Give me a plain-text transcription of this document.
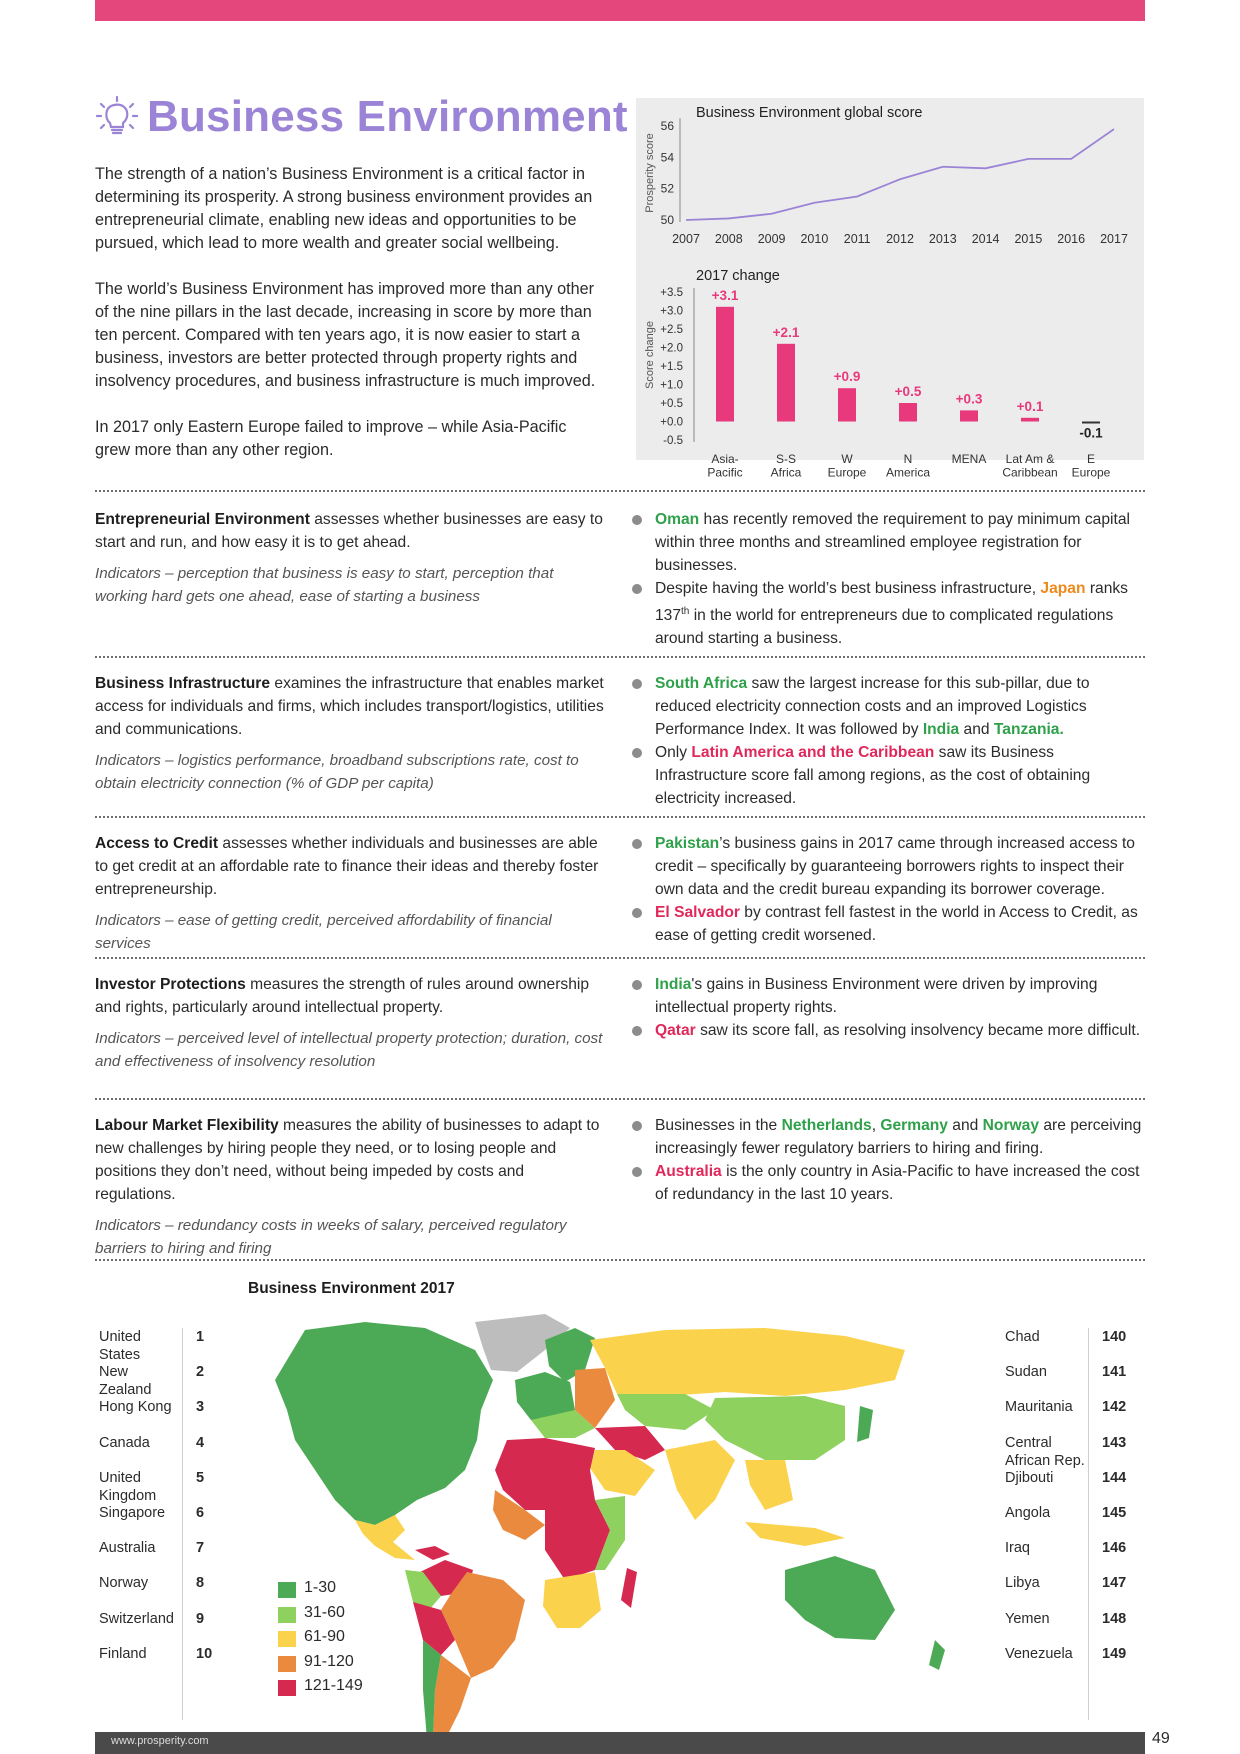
Business Environment

The strength of a nation’s Business Environment is a critical factor in determining its prosperity. A strong business environment provides an entrepreneurial climate, enabling new ideas and opportunities to be pursued, which lead to more wealth and greater social wellbeing.

The world’s Business Environment has improved more than any other of the nine pillars in the last decade, increasing in score by more than ten percent. Compared with ten years ago, it is now easier to start a business, investors are better protected through property rights and insolvency procedures, and business infrastructure is much improved.

In 2017 only Eastern Europe failed to improve – while Asia-Pacific grew more than any other region.

Business Environment global score
Prosperity score
50
52
54
56
2007 2008 2009 2010 2011 2012 2013 2014 2015 2016 2017
2017 change
Score change
+3.5
+3.0
+2.5
+2.0
+1.5
+1.0
+0.5
+0.0
-0.5
+3.1
Asia-
Pacific
+2.1
S-S
Africa
+0.9
W
Europe
+0.5
N
America
+0.3
MENA
+0.1
Lat Am &
Caribbean
-0.1
E
Europe

Entrepreneurial Environment assesses whether businesses are easy to start and run, and how easy it is to get ahead.

Indicators – perception that business is easy to start, perception that working hard gets one ahead, ease of starting a business

Oman has recently removed the requirement to pay minimum capital within three months and streamlined employee registration for businesses.
Despite having the world’s best business infrastructure, Japan ranks 137th in the world for entrepreneurs due to complicated regulations around starting a business.

Business Infrastructure examines the infrastructure that enables market access for individuals and firms, which includes transport/logistics, utilities and communications.

Indicators – logistics performance, broadband subscriptions rate, cost to obtain electricity connection (% of GDP per capita)

South Africa saw the largest increase for this sub-pillar, due to reduced electricity connection costs and an improved Logistics Performance Index. It was followed by India and Tanzania.
Only Latin America and the Caribbean saw its Business Infrastructure score fall among regions, as the cost of obtaining electricity increased.

Access to Credit assesses whether individuals and businesses are able to get credit at an affordable rate to finance their ideas and thereby foster entrepreneurship.

Indicators – ease of getting credit, perceived affordability of financial services

Pakistan’s business gains in 2017 came through increased access to credit – specifically by guaranteeing borrowers rights to inspect their own data and the credit bureau expanding its borrower coverage.
El Salvador by contrast fell fastest in the world in Access to Credit, as ease of getting credit worsened.

Investor Protections measures the strength of rules around ownership and rights, particularly around intellectual property.

Indicators – perceived level of intellectual property protection; duration, cost and effectiveness of insolvency resolution

India's gains in Business Environment were driven by improving intellectual property rights.
Qatar saw its score fall, as resolving insolvency became more difficult.

Labour Market Flexibility measures the ability of businesses to adapt to new challenges by hiring people they need, or to losing people and positions they don’t need, without being impeded by costs and regulations.

Indicators – redundancy costs in weeks of salary, perceived regulatory barriers to hiring and firing

Businesses in the Netherlands, Germany and Norway are perceiving increasingly fewer regulatory barriers to hiring and firing.
Australia is the only country in Asia-Pacific to have increased the cost of redundancy in the last 10 years.
Business Environment 2017
United States
1
New Zealand
2
Hong Kong	3
Canada	4
United Kingdom
5
Singapore	6
Australia	7
Norway	8
Switzerland	9
Finland	10
Chad	140
Sudan	141
Mauritania	142
Central African Rep.
143
Djibouti	144
Angola	145
Iraq	146
Libya	147
Yemen	148
Venezuela	149
1-30
31-60
61-90
91-120
121-149
www.prosperity.com	49
